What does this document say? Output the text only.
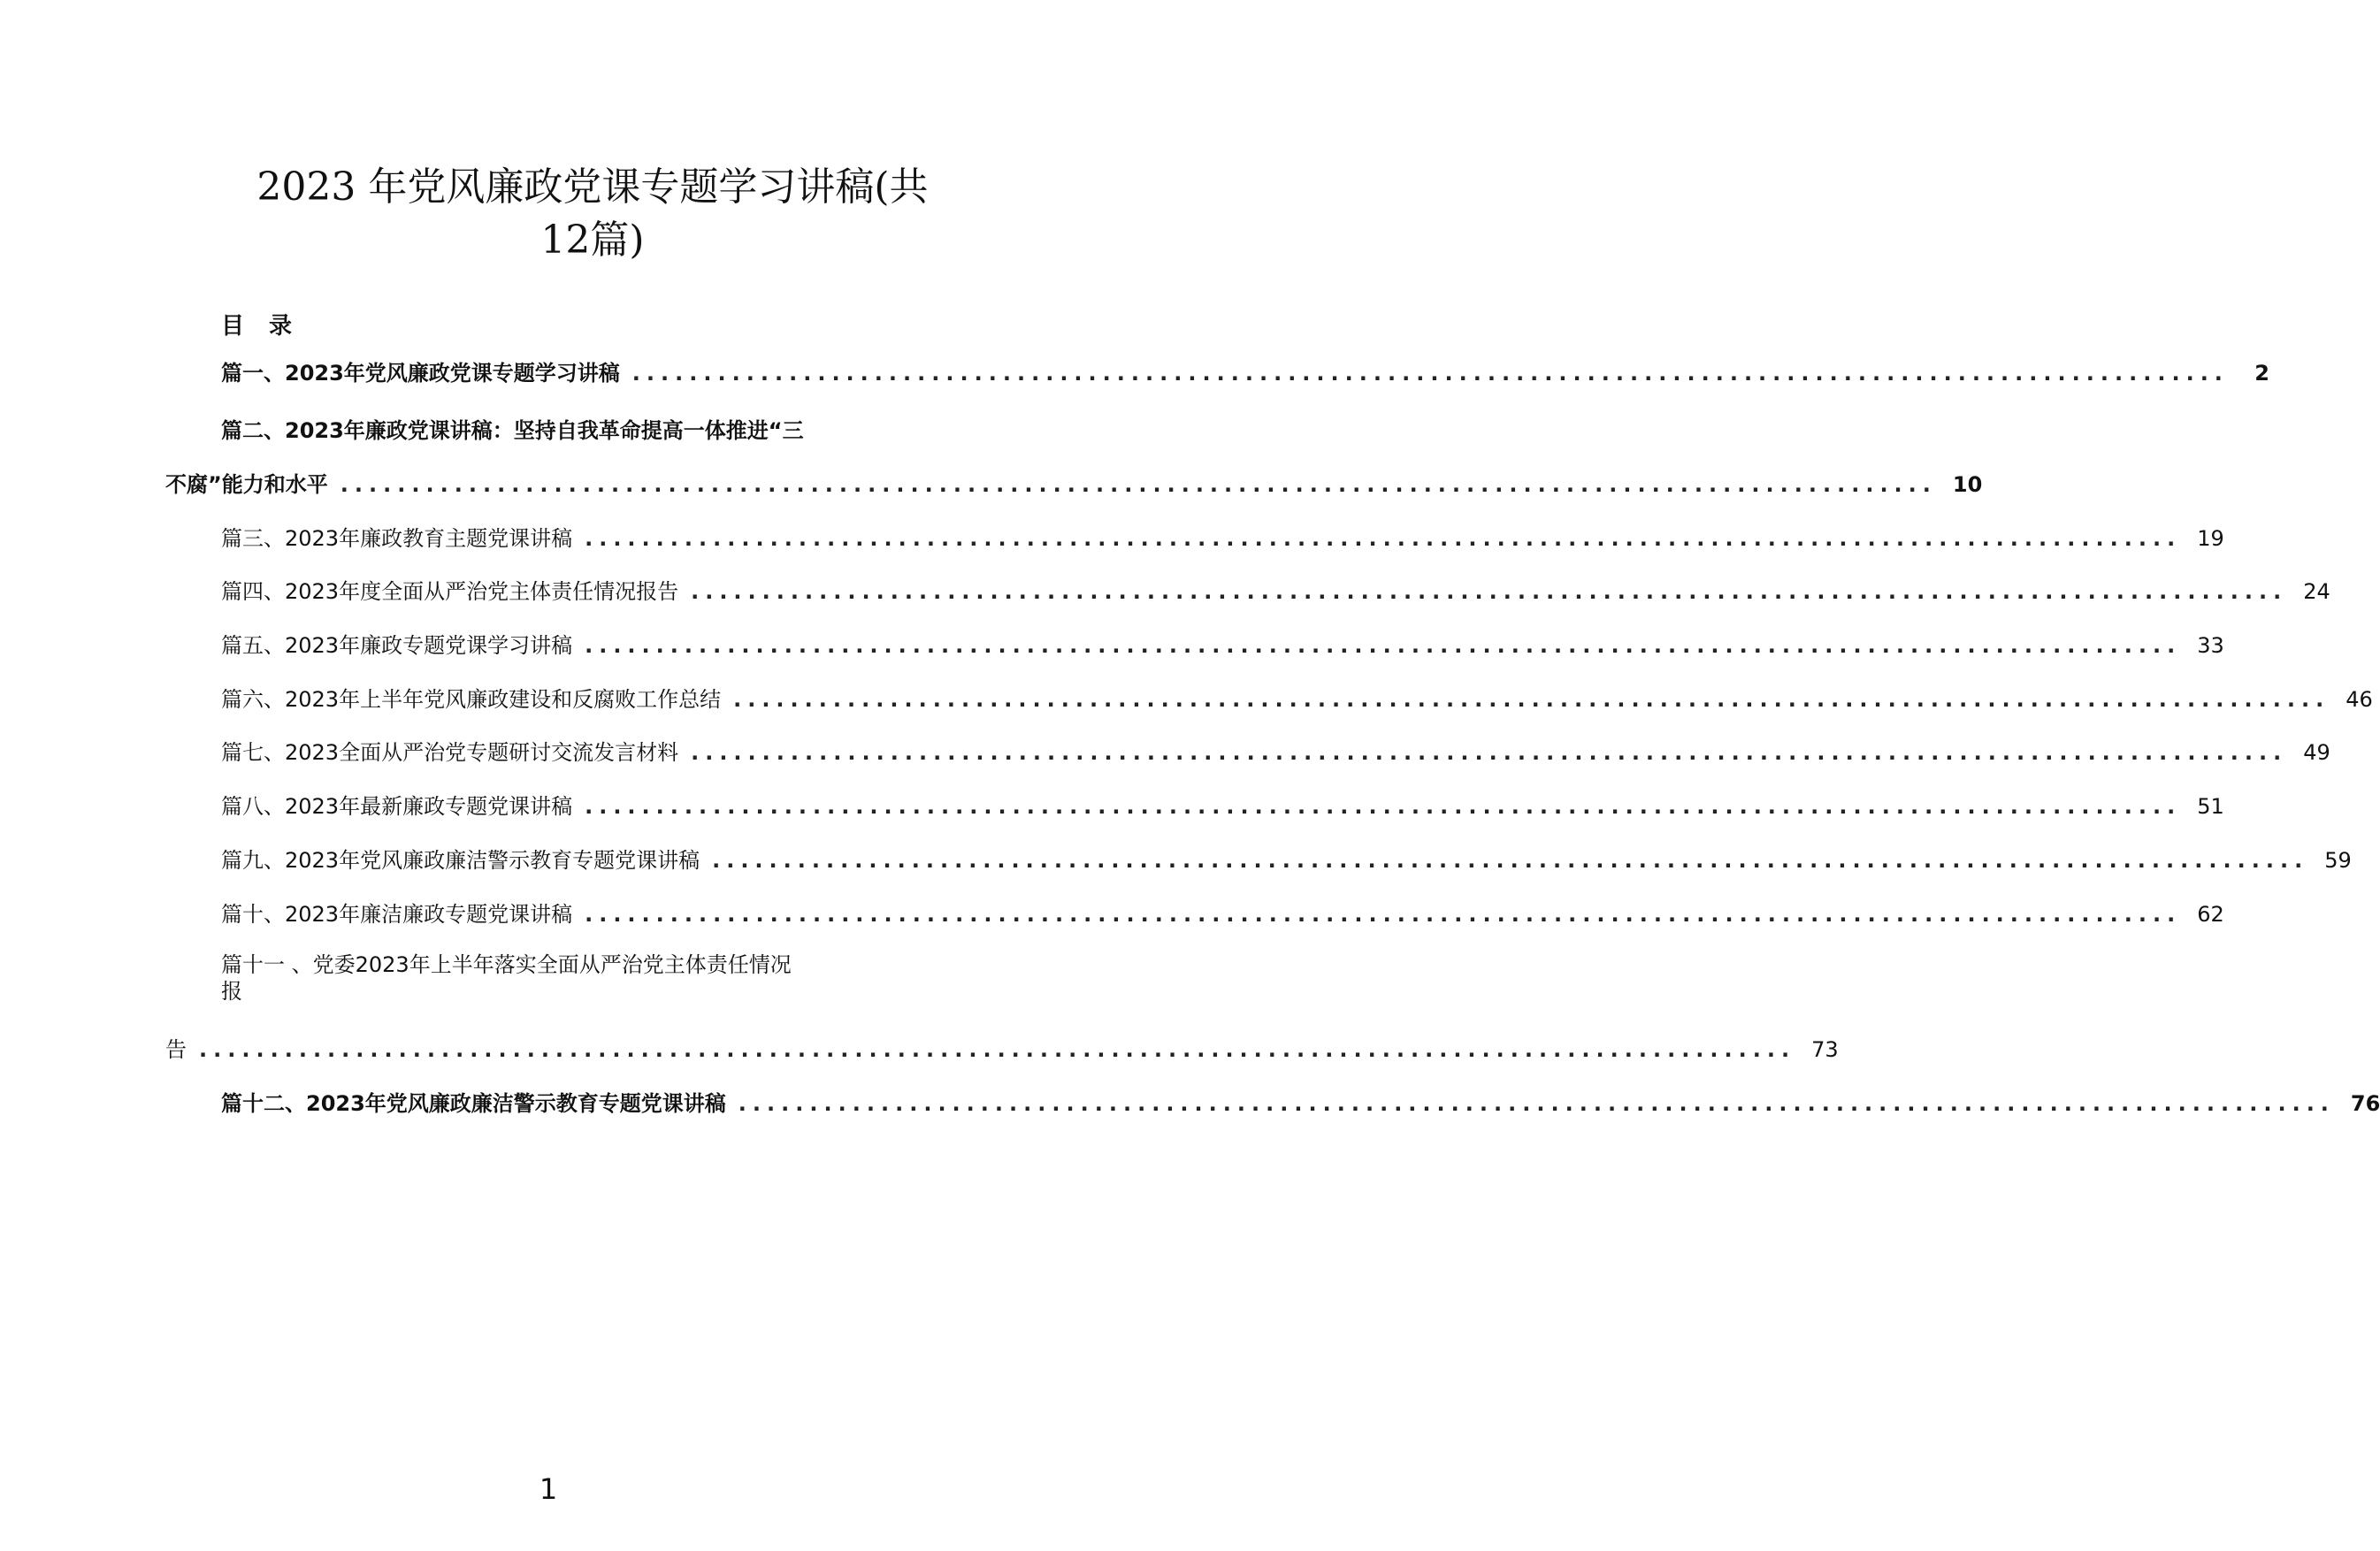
2023 年党风廉政党课专题学习讲稿(共
12篇)
目录
篇一、2023年党风廉政党课专题学习讲稿 ................................................................................................................	2
篇二、2023年廉政党课讲稿：坚持自我革命提高一体推进“三
不腐”能力和水平 ................................................................................................................ 10
篇三、2023年廉政教育主题党课讲稿 ................................................................................................................ 19
篇四、2023年度全面从严治党主体责任情况报告 ................................................................................................................ 24
篇五、2023年廉政专题党课学习讲稿 ................................................................................................................ 33
篇六、2023年上半年党风廉政建设和反腐败工作总结 ................................................................................................................ 46
篇七、2023全面从严治党专题研讨交流发言材料 ................................................................................................................ 49
篇八、2023年最新廉政专题党课讲稿 ................................................................................................................ 51
篇九、2023年党风廉政廉洁警示教育专题党课讲稿 ................................................................................................................ 59
篇十、2023年廉洁廉政专题党课讲稿 ................................................................................................................ 62
篇十一 、党委2023年上半年落实全面从严治党主体责任情况
报
告 ................................................................................................................ 73
篇十二、2023年党风廉政廉洁警示教育专题党课讲稿 ................................................................................................................ 76
1
